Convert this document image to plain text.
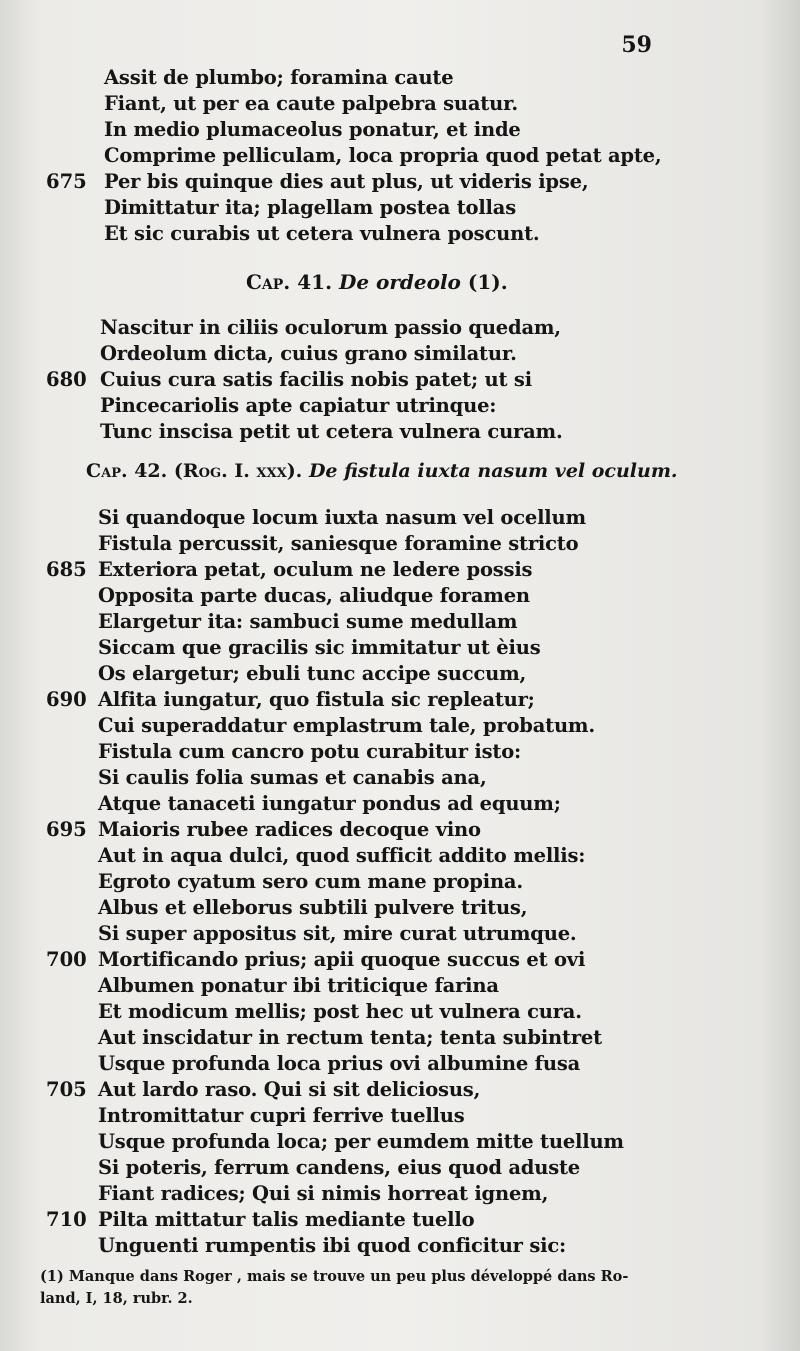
59
Assit de plumbo; foramina caute
Fiant, ut per ea caute palpebra suatur.
In medio plumaceolus ponatur, et inde
Comprime pelliculam, loca propria quod petat apte,
675 Per bis quinque dies aut plus, ut videris ipse,
Dimittatur ita; plagellam postea tollas
Et sic curabis ut cetera vulnera poscunt.
Cap. 41. De ordeolo (1).
Nascitur in ciliis oculorum passio quedam,
Ordeolum dicta, cuius grano similatur.
680 Cuius cura satis facilis nobis patet; ut si
Pincecariolis apte capiatur utrinque:
Tunc inscisa petit ut cetera vulnera curam.
Cap. 42. (Rog. I. xxx). De fistula iuxta nasum vel oculum.
Si quandoque locum iuxta nasum vel ocellum
Fistula percussit, saniesque foramine stricto
685 Exteriora petat, oculum ne ledere possis
Opposita parte ducas, aliudque foramen
Elargetur ita: sambuci sume medullam
Siccam que gracilis sic immitatur ut èius
Os elargetur; ebuli tunc accipe succum,
690 Alfita iungatur, quo fistula sic repleatur;
Cui superaddatur emplastrum tale, probatum.
Fistula cum cancro potu curabitur isto:
Si caulis folia sumas et canabis ana,
Atque tanaceti iungatur pondus ad equum;
695 Maioris rubee radices decoque vino
Aut in aqua dulci, quod sufficit addito mellis:
Egroto cyatum sero cum mane propina.
Albus et elleborus subtili pulvere tritus,
Si super appositus sit, mire curat utrumque.
700 Mortificando prius; apii quoque succus et ovi
Albumen ponatur ibi triticique farina
Et modicum mellis; post hec ut vulnera cura.
Aut inscidatur in rectum tenta; tenta subintret
Usque profunda loca prius ovi albumine fusa
705 Aut lardo raso. Qui si sit deliciosus,
Intromittatur cupri ferrive tuellus
Usque profunda loca; per eumdem mitte tuellum
Si poteris, ferrum candens, eius quod aduste
Fiant radices; Qui si nimis horreat ignem,
710 Pilta mittatur talis mediante tuello
Unguenti rumpentis ibi quod conficitur sic:
(1) Manque dans Roger , mais se trouve un peu plus développé dans Ro-
land, I, 18, rubr. 2.
